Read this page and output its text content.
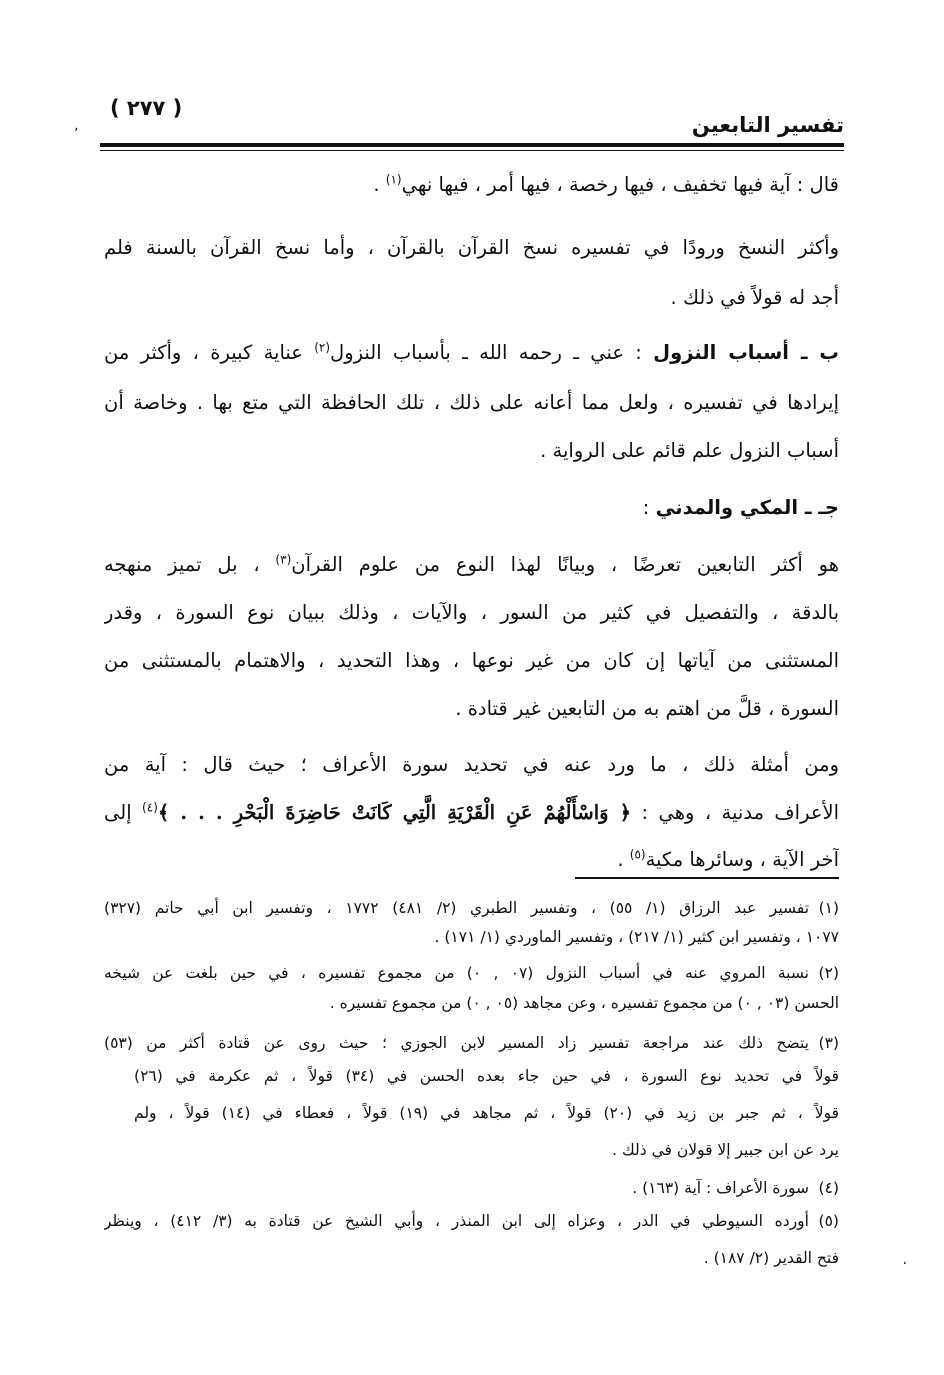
( ٢٧٧ )
تفسير التابعين
ʼ
قال : آية فيها تخفيف ، فيها رخصة ، فيها أمر ، فيها نهي$^{(١)}$ .
وأكثر النسخ ورودًا في تفسيره نسخ القرآن بالقرآن ، وأما نسخ القرآن بالسنة فلم
أجد له قولاً في ذلك .
ب ـ أسباب النزول : عني ـ رحمه الله ـ بأسباب النزول$^{(٢)}$ عناية كبيرة ، وأكثر من
إيرادها في تفسيره ، ولعل مما أعانه على ذلك ، تلك الحافظة التي متع بها . وخاصة أن
أسباب النزول علم قائم على الرواية .
جـ ـ المكي والمدني :
هو أكثر التابعين تعرضًا ، وبيانًا لهذا النوع من علوم القرآن$^{(٣)}$ ، بل تميز منهجه
بالدقة ، والتفصيل في كثير من السور ، والآيات ، وذلك ببيان نوع السورة ، وقدر
المستثنى من آياتها إن كان من غير نوعها ، وهذا التحديد ، والاهتمام بالمستثنى من
السورة ، قلَّ من اهتم به من التابعين غير قتادة .
ومن أمثلة ذلك ، ما ورد عنه في تحديد سورة الأعراف ؛ حيث قال : آية من
الأعراف مدنية ، وهي : ﴿ وَاسْأَلْهُمْ عَنِ الْقَرْيَةِ الَّتِي كَانَتْ حَاضِرَةَ الْبَحْرِ . . . ﴾$^{(٤)}$ إلى
آخر الآية ، وسائرها مكية$^{(٥)}$ .
(١)تفسير عبد الرزاق (١/ ٥٥) ، وتفسير الطبري (٢/ ٤٨١) ١٧٧٢ ، وتفسير ابن أبي حاتم (٣٢٧)
١٠٧٧ ، وتفسير ابن كثير (١/ ٢١٧) ، وتفسير الماوردي (١/ ١٧١) .
(٢)نسبة المروي عنه في أسباب النزول (٠٧ , ٠) من مجموع تفسيره ، في حين بلغت عن شيخه
الحسن (٠٣ , ٠) من مجموع تفسيره ، وعن مجاهد (٠٥ , ٠) من مجموع تفسيره .
(٣)يتضح ذلك عند مراجعة تفسير زاد المسير لابن الجوزي ؛ حيث روى عن قتادة أكثر من (٥٣)
قولاً في تحديد نوع السورة ، في حين جاء بعده الحسن في (٣٤) قولاً ، ثم عكرمة في (٢٦)
قولاً ، ثم جبر بن زيد في (٢٠) قولاً ، ثم مجاهد في (١٩) قولاً ، فعطاء في (١٤) قولاً ، ولم
يرد عن ابن جبير إلا قولان في ذلك .
(٤)سورة الأعراف : آية (١٦٣) .
(٥)أورده السيوطي في الدر ، وعزاه إلى ابن المنذر ، وأبي الشيخ عن قتادة به (٣/ ٤١٢) ، وينظر
فتح القدير (٢/ ١٨٧) .
